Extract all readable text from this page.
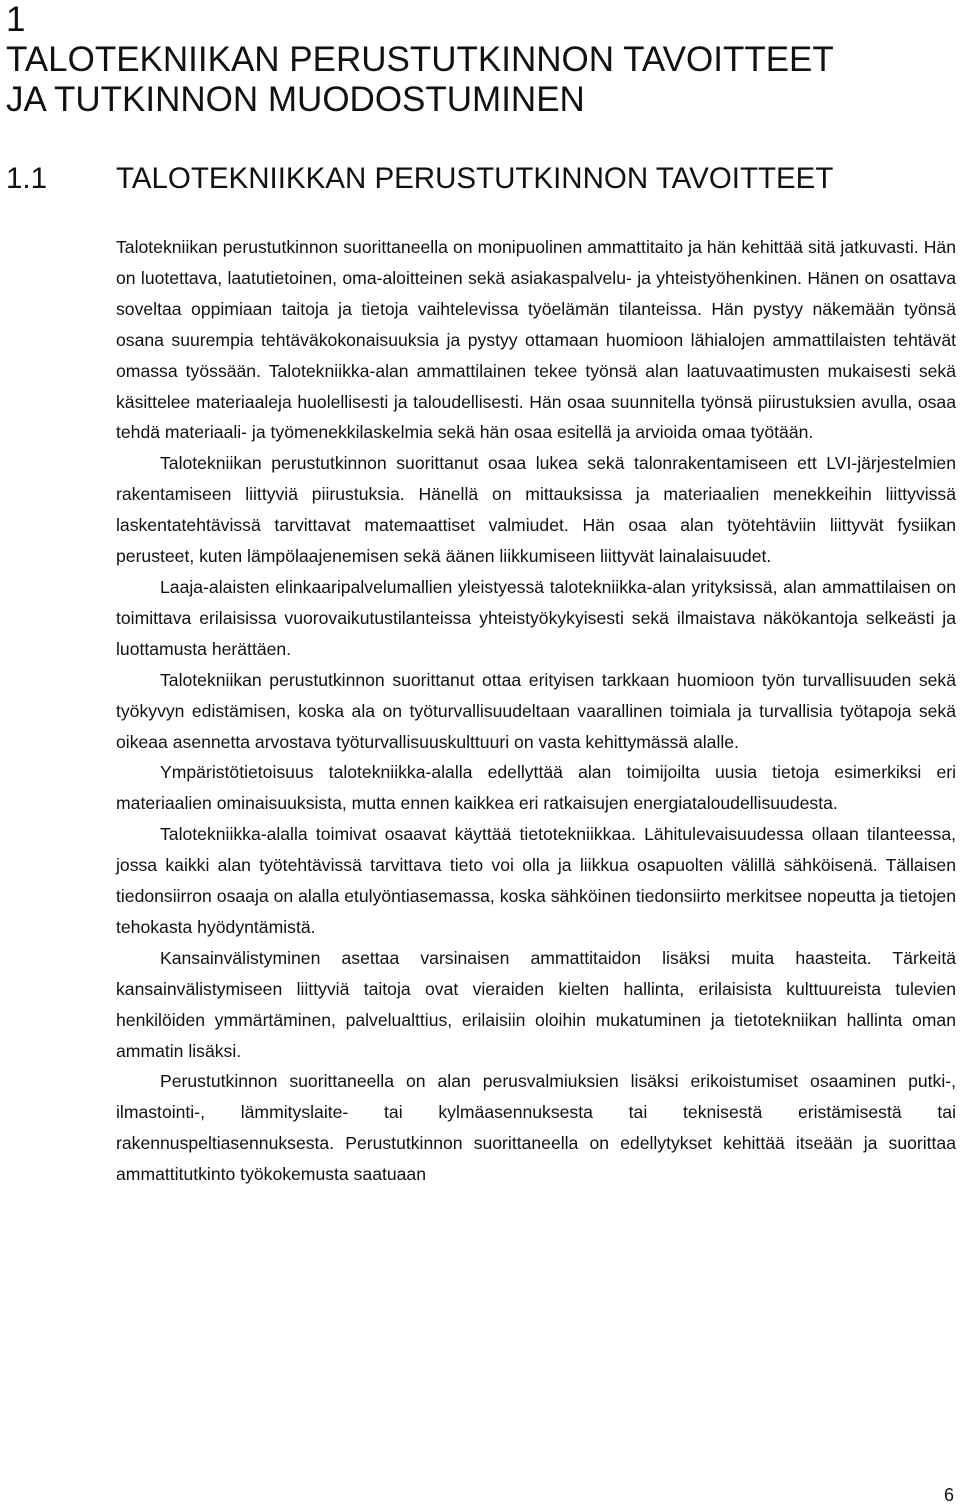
1
TALOTEKNIIKAN PERUSTUTKINNON TAVOITTEET
JA TUTKINNON MUODOSTUMINEN
1.1 TALOTEKNIIKKAN PERUSTUTKINNON TAVOITTEET

Talotekniikan perustutkinnon suorittaneella on monipuolinen ammattitaito ja hän kehittää sitä jatkuvasti. Hän on luotettava, laatutietoinen, oma-aloitteinen sekä asiakaspalvelu- ja yhteistyöhenkinen. Hänen on osattava soveltaa oppimiaan taitoja ja tietoja vaihtelevissa työelämän tilanteissa. Hän pystyy näkemään työnsä osana suurempia tehtäväkokonaisuuksia ja pystyy ottamaan huomioon lähialojen ammattilaisten tehtävät omassa työssään. Talotekniikka-alan ammattilainen tekee työnsä alan laatuvaatimusten mukaisesti sekä käsittelee materiaaleja huolellisesti ja taloudellisesti. Hän osaa suunnitella työnsä piirustuksien avulla, osaa tehdä materiaali- ja työmenekkilaskelmia sekä hän osaa esitellä ja arvioida omaa työtään.

Talotekniikan perustutkinnon suorittanut osaa lukea sekä talonrakentamiseen ett LVI-järjestelmien rakentamiseen liittyviä piirustuksia. Hänellä on mittauksissa ja materiaalien menekkeihin liittyvissä laskentatehtävissä tarvittavat matemaattiset valmiudet. Hän osaa alan työtehtäviin liittyvät fysiikan perusteet, kuten lämpölaajenemisen sekä äänen liikkumiseen liittyvät lainalaisuudet.

Laaja-alaisten elinkaaripalvelumallien yleistyessä talotekniikka-alan yrityksissä, alan ammattilaisen on toimittava erilaisissa vuorovaikutustilanteissa yhteistyökykyisesti sekä ilmaistava näkökantoja selkeästi ja luottamusta herättäen.

Talotekniikan perustutkinnon suorittanut ottaa erityisen tarkkaan huomioon työn turvallisuuden sekä työkyvyn edistämisen, koska ala on työturvallisuudeltaan vaarallinen toimiala ja turvallisia työtapoja sekä oikeaa asennetta arvostava työturvallisuuskulttuuri on vasta kehittymässä alalle.

Ympäristötietoisuus talotekniikka-alalla edellyttää alan toimijoilta uusia tietoja esimerkiksi eri materiaalien ominaisuuksista, mutta ennen kaikkea eri ratkaisujen energiataloudellisuudesta.

Talotekniikka-alalla toimivat osaavat käyttää tietotekniikkaa. Lähitulevaisuudessa ollaan tilanteessa, jossa kaikki alan työtehtävissä tarvittava tieto voi olla ja liikkua osapuolten välillä sähköisenä. Tällaisen tiedonsiirron osaaja on alalla etulyöntiasemassa, koska sähköinen tiedonsiirto merkitsee nopeutta ja tietojen tehokasta hyödyntämistä.

Kansainvälistyminen asettaa varsinaisen ammattitaidon lisäksi muita haasteita. Tärkeitä kansainvälistymiseen liittyviä taitoja ovat vieraiden kielten hallinta, erilaisista kulttuureista tulevien henkilöiden ymmärtäminen, palvelualttius, erilaisiin oloihin mukatuminen ja tietotekniikan hallinta oman ammatin lisäksi.

Perustutkinnon suorittaneella on alan perusvalmiuksien lisäksi erikoistumiset osaaminen putki-, ilmastointi-, lämmityslaite- tai kylmäasennuksesta tai teknisestä eristämisestä tai rakennuspeltiasennuksesta. Perustutkinnon suorittaneella on edellytykset kehittää itseään ja suorittaa ammattitutkinto työkokemusta saatuaan

6
